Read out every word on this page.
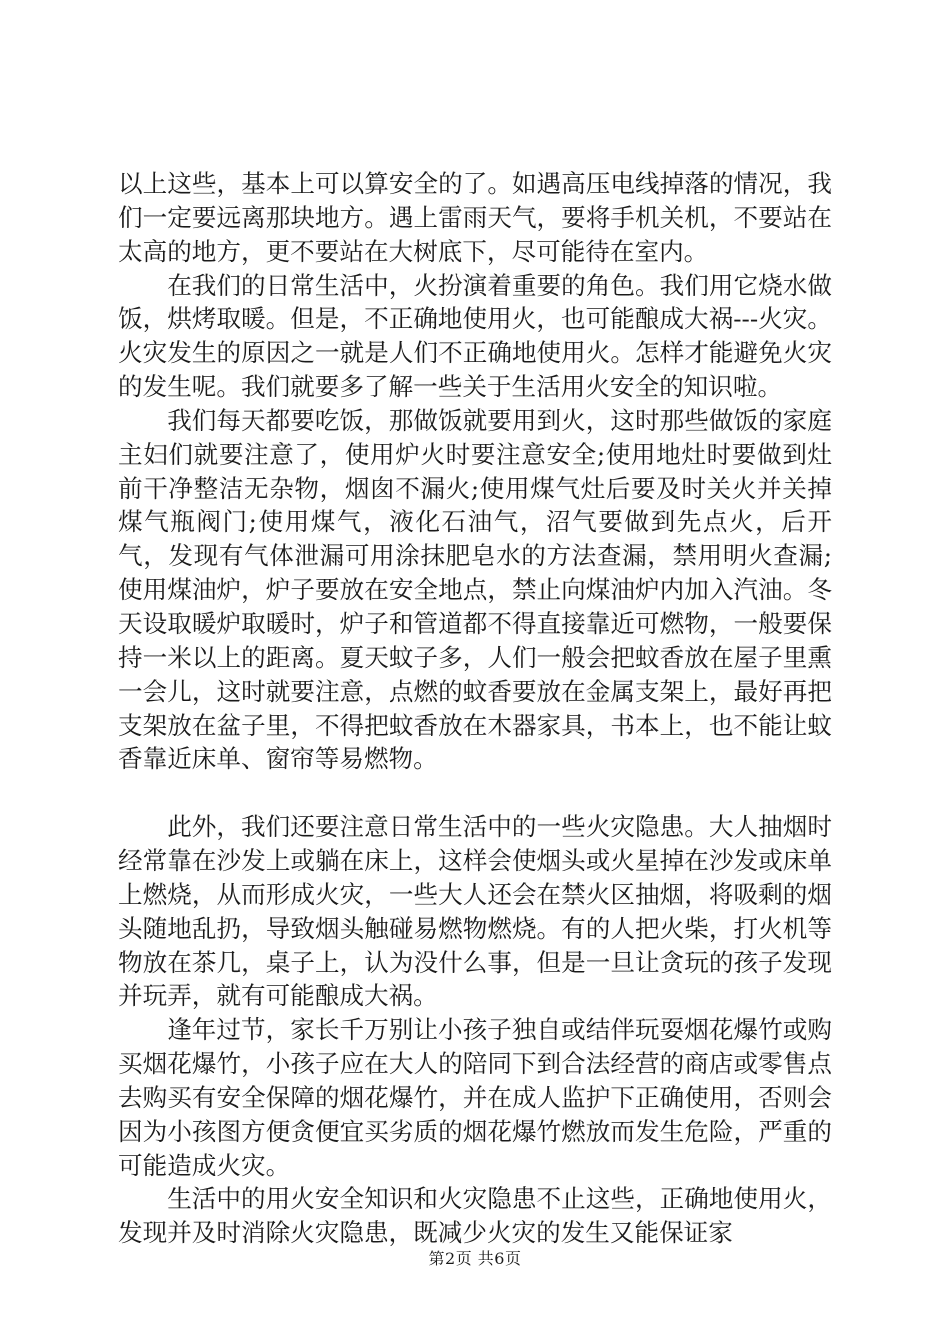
以上这些，基本上可以算安全的了。如遇高压电线掉落的情况，我们一定要远离那块地方。遇上雷雨天气，要将手机关机，不要站在太高的地方，更不要站在大树底下，尽可能待在室内。

在我们的日常生活中，火扮演着重要的角色。我们用它烧水做饭，烘烤取暖。但是，不正确地使用火，也可能酿成大祸---火灾。火灾发生的原因之一就是人们不正确地使用火。怎样才能避免火灾的发生呢。我们就要多了解一些关于生活用火安全的知识啦。

我们每天都要吃饭，那做饭就要用到火，这时那些做饭的家庭主妇们就要注意了，使用炉火时要注意安全;使用地灶时要做到灶前干净整洁无杂物，烟囱不漏火;使用煤气灶后要及时关火并关掉煤气瓶阀门;使用煤气，液化石油气，沼气要做到先点火，后开气，发现有气体泄漏可用涂抹肥皂水的方法查漏，禁用明火查漏;使用煤油炉，炉子要放在安全地点，禁止向煤油炉内加入汽油。冬天设取暖炉取暖时，炉子和管道都不得直接靠近可燃物，一般要保持一米以上的距离。夏天蚊子多，人们一般会把蚊香放在屋子里熏一会儿，这时就要注意，点燃的蚊香要放在金属支架上，最好再把支架放在盆子里，不得把蚊香放在木器家具，书本上，也不能让蚊香靠近床单、窗帘等易燃物。

此外，我们还要注意日常生活中的一些火灾隐患。大人抽烟时经常靠在沙发上或躺在床上，这样会使烟头或火星掉在沙发或床单上燃烧，从而形成火灾，一些大人还会在禁火区抽烟，将吸剩的烟头随地乱扔，导致烟头触碰易燃物燃烧。有的人把火柴，打火机等物放在茶几，桌子上，认为没什么事，但是一旦让贪玩的孩子发现并玩弄，就有可能酿成大祸。

逢年过节，家长千万别让小孩子独自或结伴玩耍烟花爆竹或购买烟花爆竹，小孩子应在大人的陪同下到合法经营的商店或零售点去购买有安全保障的烟花爆竹，并在成人监护下正确使用，否则会因为小孩图方便贪便宜买劣质的烟花爆竹燃放而发生危险，严重的可能造成火灾。

生活中的用火安全知识和火灾隐患不止这些，正确地使用火，发现并及时消除火灾隐患，既减少火灾的发生又能保证家

第2页 共6页
